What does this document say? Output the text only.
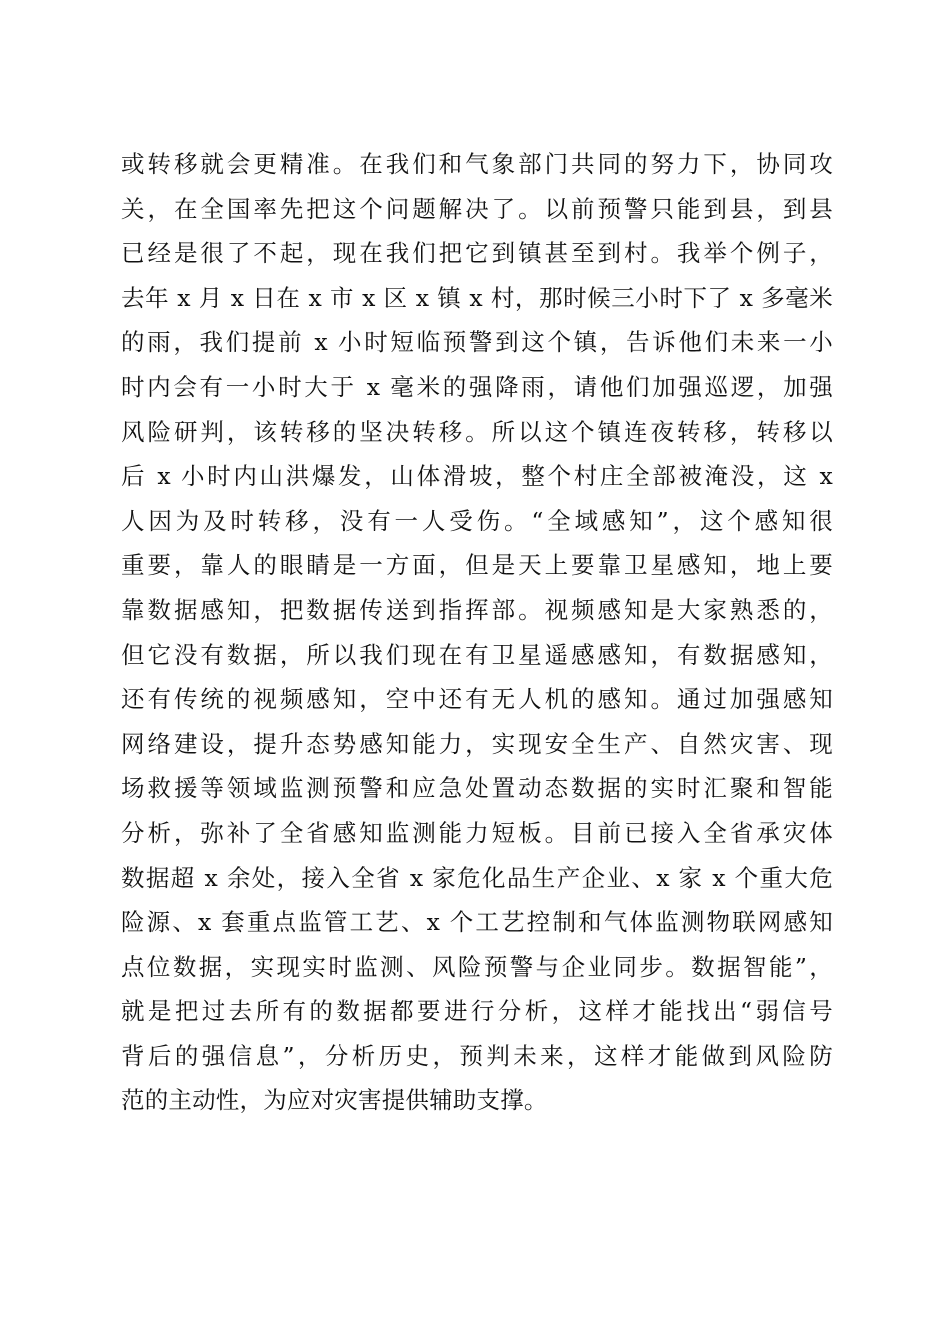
或转移就会更精准。在我们和气象部门共同的努力下，协同攻
关，在全国率先把这个问题解决了。以前预警只能到县，到县
已经是很了不起，现在我们把它到镇甚至到村。我举个例子，
去年 x 月 x 日在 x 市 x 区 x 镇 x 村，那时候三小时下了 x 多毫米
的雨，我们提前 x 小时短临预警到这个镇，告诉他们未来一小
时内会有一小时大于 x 毫米的强降雨，请他们加强巡逻，加强
风险研判，该转移的坚决转移。所以这个镇连夜转移，转移以
后 x 小时内山洪爆发，山体滑坡，整个村庄全部被淹没，这 x
人因为及时转移，没有一人受伤。“全域感知”，这个感知很
重要，靠人的眼睛是一方面，但是天上要靠卫星感知，地上要
靠数据感知，把数据传送到指挥部。视频感知是大家熟悉的，
但它没有数据，所以我们现在有卫星遥感感知，有数据感知，
还有传统的视频感知，空中还有无人机的感知。通过加强感知
网络建设，提升态势感知能力，实现安全生产、自然灾害、现
场救援等领域监测预警和应急处置动态数据的实时汇聚和智能
分析，弥补了全省感知监测能力短板。目前已接入全省承灾体
数据超 x 余处，接入全省 x 家危化品生产企业、x 家 x 个重大危
险源、x 套重点监管工艺、x 个工艺控制和气体监测物联网感知
点位数据，实现实时监测、风险预警与企业同步。数据智能”，
就是把过去所有的数据都要进行分析，这样才能找出“弱信号
背后的强信息”，分析历史，预判未来，这样才能做到风险防
范的主动性，为应对灾害提供辅助支撑。
